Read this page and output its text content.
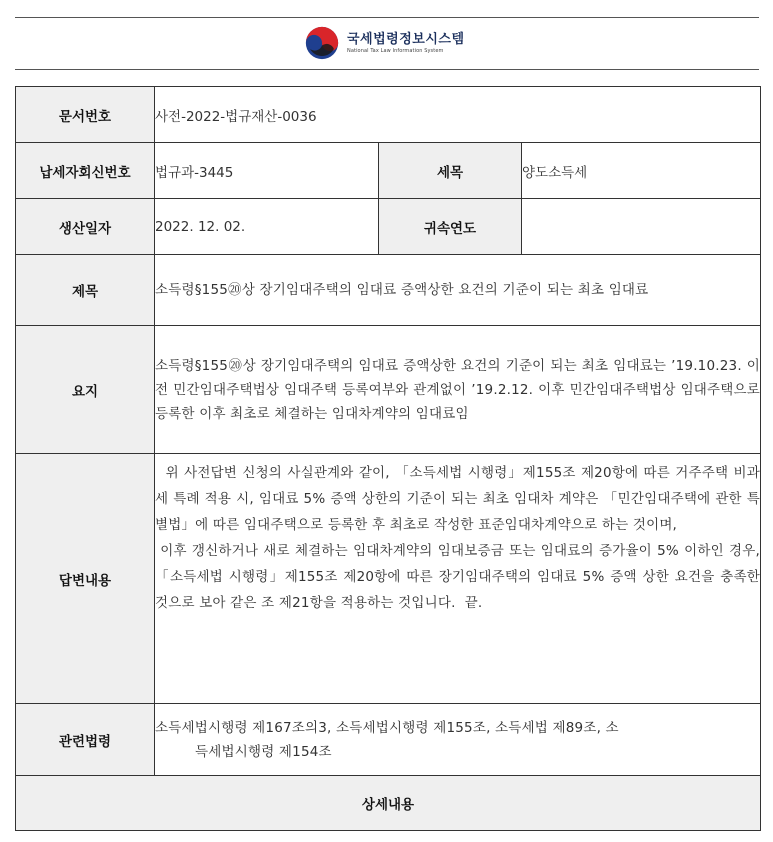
국세법령정보시스템
National Tax Law Information System
문서번호	사전-2022-법규재산-0036		
납세자회신번호	법규과-3445	세목	양도소득세
생산일자	2022. 12. 02.	귀속연도	
제목	소득령§155⑳상 장기임대주택의 임대료 증액상한 요건의 기준이 되는 최초 임대료		
요지	소득령§155⑳상 장기임대주택의 임대료 증액상한 요건의 기준이 되는 최초 임대료는 ’19.10.23. 이전 민간임대주택법상 임대주택 등록여부와 관계없이 ’19.2.12. 이후 민간임대주택법상 임대주택으로 등록한 이후 최초로 체결하는 임대차계약의 임대료임		
답변내용	위 사전답변 신청의 사실관계와 같이, 「소득세법 시행령」제155조 제20항에 따른 거주주택 비과세 특례 적용 시, 임대료 5% 증액 상한의 기준이 되는 최초 임대차 계약은 「민간임대주택에 관한 특별법」에 따른 임대주택으로 등록한 후 최초로 작성한 표준임대차계약으로 하는 것이며,

이후 갱신하거나 새로 체결하는 임대차계약의 임대보증금 또는 임대료의 증가율이 5% 이하인 경우, 「소득세법 시행령」제155조 제20항에 따른 장기임대주택의 임대료 5% 증액 상한 요건을 충족한 것으로 보아 같은 조 제21항을 적용하는 것입니다.  끝.		

관련법령	소득세법시행령 제167조의3, 소득세법시행령 제155조, 소득세법 제89조, 소
득세법시행령 제154조		

상세내용			
